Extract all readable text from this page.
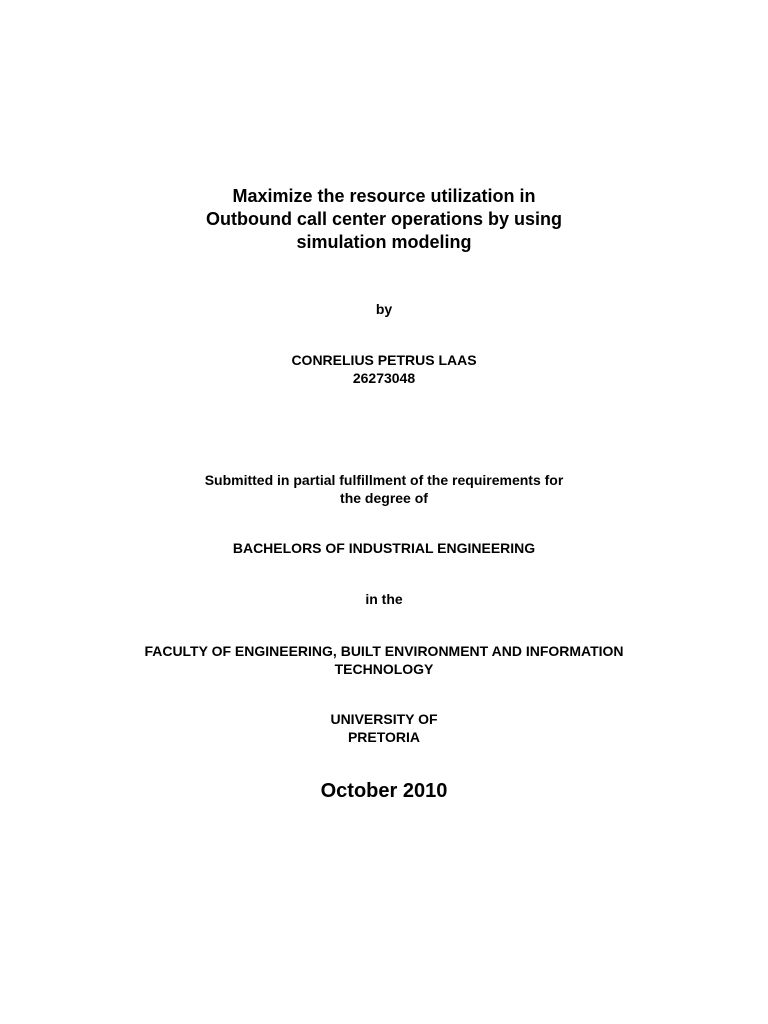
Maximize the resource utilization in
Outbound call center operations by using
simulation modeling
by
CONRELIUS PETRUS LAAS
26273048
Submitted in partial fulfillment of the requirements for
the degree of
BACHELORS OF INDUSTRIAL ENGINEERING
in the
FACULTY OF ENGINEERING, BUILT ENVIRONMENT AND INFORMATION
TECHNOLOGY
UNIVERSITY OF
PRETORIA
October 2010
